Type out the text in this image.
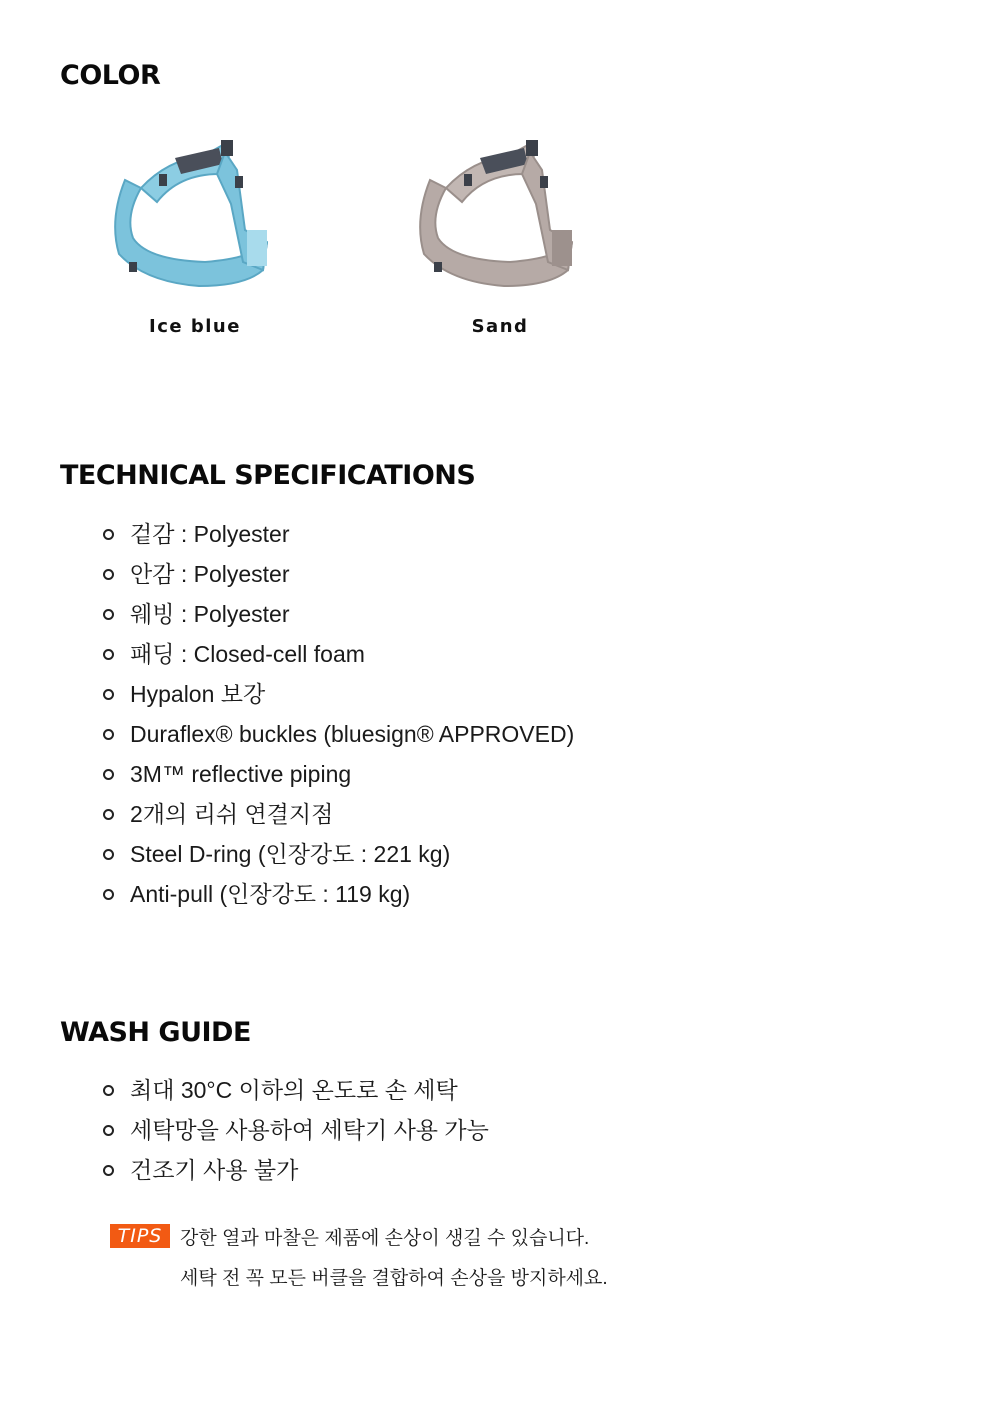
COLOR
Ice blue	Sand
TECHNICAL SPECIFICATIONS
겉감 : Polyester
안감 : Polyester
웨빙 : Polyester
패딩 : Closed-cell foam
Hypalon 보강
Duraflex® buckles (bluesign® APPROVED)
3M™ reflective piping
2개의 리쉬 연결지점
Steel D-ring (인장강도 : 221 kg)
Anti-pull (인장강도 : 119 kg)
WASH GUIDE
최대 30°C 이하의 온도로 손 세탁
세탁망을 사용하여 세탁기 사용 가능
건조기 사용 불가
TIPS 강한 열과 마찰은 제품에 손상이 생길 수 있습니다.
세탁 전 꼭 모든 버클을 결합하여 손상을 방지하세요.
